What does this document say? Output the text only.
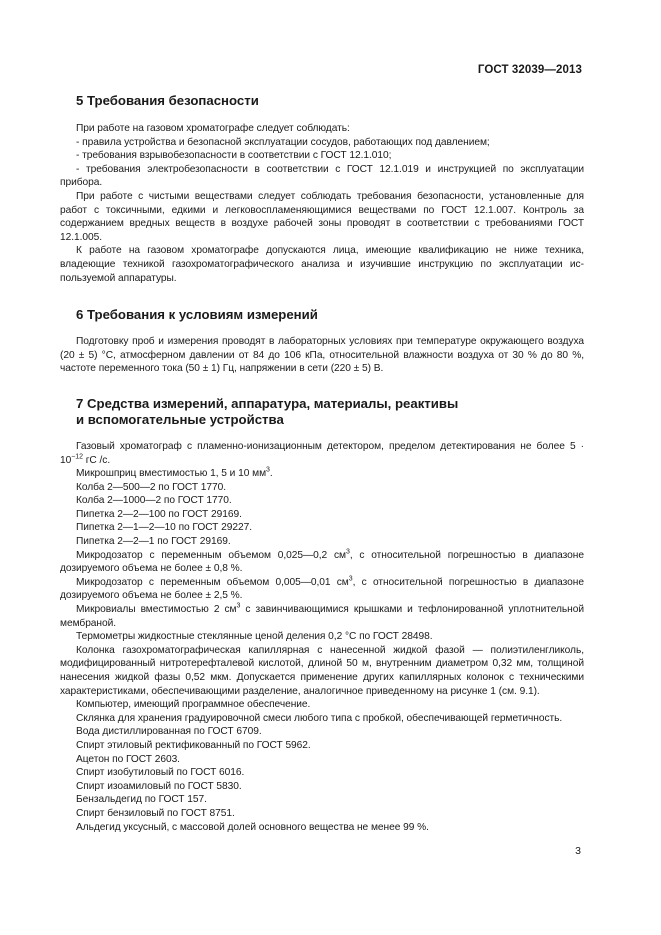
ГОСТ 32039—2013
5 Требования безопасности

При работе на газовом хроматографе следует соблюдать:

- правила устройства и безопасной эксплуатации сосудов, работающих под давлением;

- требования взрывобезопасности в соответствии с ГОСТ 12.1.010;

- требования электробезопасности в соответствии с ГОСТ 12.1.019 и инструкцией по эксплуатации прибора.

При работе с чистыми веществами следует соблюдать требования безопасности, установленные для работ с токсичными, едкими и легковоспламеняющимися веществами по ГОСТ 12.1.007. Контроль за содержанием вредных веществ в воздухе рабочей зоны проводят в соответствии с требованиями ГОСТ 12.1.005.

К работе на газовом хроматографе допускаются лица, имеющие квалификацию не ниже техника, владеющие техникой газохроматографического анализа и изучившие инструкцию по эксплуатации используемой аппаратуры.

6 Требования к условиям измерений

Подготовку проб и измерения проводят в лабораторных условиях при температуре окружающего воздуха (20 ± 5) °С, атмосферном давлении от 84 до 106 кПа, относительной влажности воздуха от 30 % до 80 %, частоте переменного тока (50 ± 1) Гц, напряжении в сети (220 ± 5) В.

7 Средства измерений, аппаратура, материалы, реактивы
и вспомогательные устройства

Газовый хроматограф с пламенно-ионизационным детектором, пределом детектирования не более $5 \cdot 10^{-12}$ гС /с.

Микрошприц вместимостью 1, 5 и 10 $мм^3$.

Колба 2—500—2 по ГОСТ 1770.

Колба 2—1000—2 по ГОСТ 1770.

Пипетка 2—2—100 по ГОСТ 29169.

Пипетка 2—1—2—10 по ГОСТ 29227.

Пипетка 2—2—1 по ГОСТ 29169.

Микродозатор с переменным объемом 0,025—0,2 $см^3$, с относительной погрешностью в диапазоне дозируемого объема не более ± 0,8 %.

Микродозатор с переменным объемом 0,005—0,01 $см^3$, с относительной погрешностью в диапазоне дозируемого объема не более ± 2,5 %.

Микровиалы вместимостью 2 $см^3$ с завинчивающимися крышками и тефлонированной уплотнительной мембраной.

Термометры жидкостные стеклянные ценой деления 0,2 °С по ГОСТ 28498.

Колонка газохроматографическая капиллярная с нанесенной жидкой фазой — полиэтиленгликоль, модифицированный нитротерефталевой кислотой, длиной 50 м, внутренним диаметром 0,32 мм, толщиной нанесения жидкой фазы 0,52 мкм. Допускается применение других капиллярных колонок с техническими характеристиками, обеспечивающими разделение, аналогичное приведенному на рисунке 1 (см. 9.1).

Компьютер, имеющий программное обеспечение.

Склянка для хранения градуировочной смеси любого типа с пробкой, обеспечивающей герметичность.

Вода дистиллированная по ГОСТ 6709.

Спирт этиловый ректификованный по ГОСТ 5962.

Ацетон по ГОСТ 2603.

Спирт изобутиловый по ГОСТ 6016.

Спирт изоамиловый по ГОСТ 5830.

Бензальдегид по ГОСТ 157.

Спирт бензиловый по ГОСТ 8751.

Альдегид уксусный, с массовой долей основного вещества не менее 99 %.

3
